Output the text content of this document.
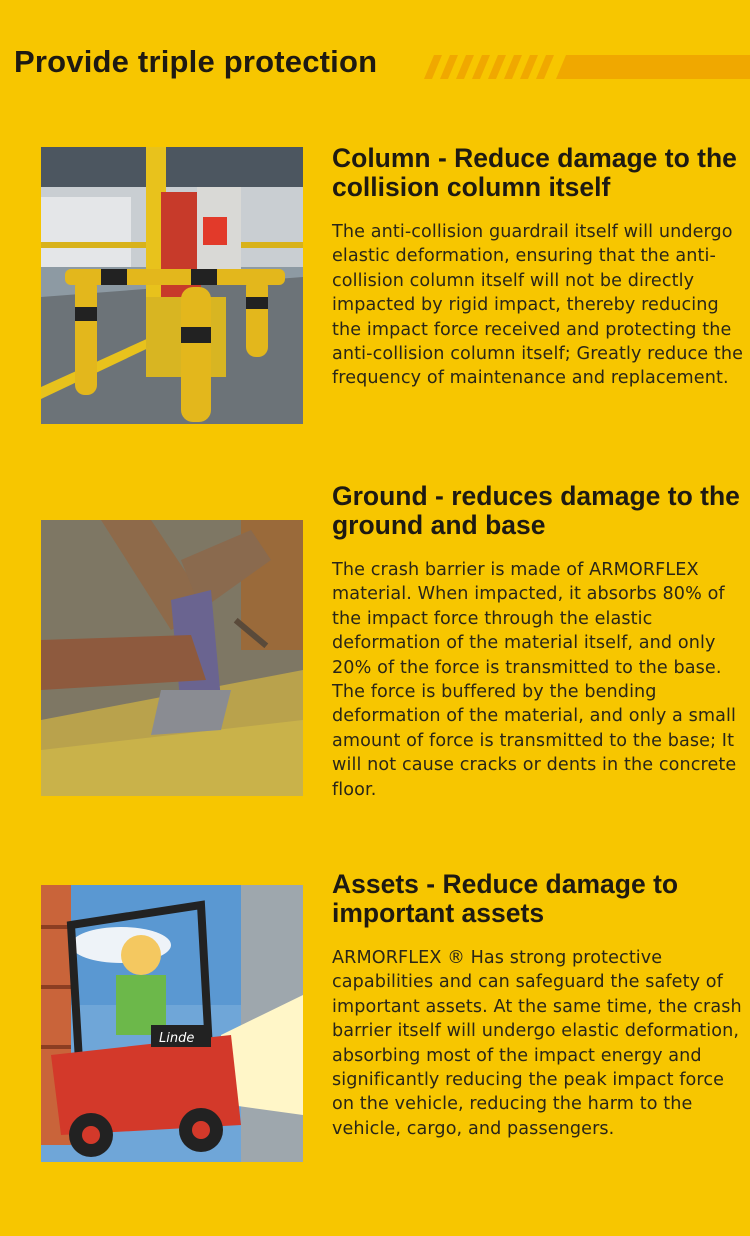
Provide triple protection
Column - Reduce damage to the collision column itself

The anti-collision guardrail itself will undergo elastic deformation, ensuring that the anti-collision column itself will not be directly impacted by rigid impact, thereby reducing the impact force received and protecting the anti-collision column itself; Greatly reduce the frequency of maintenance and replacement.

Ground - reduces damage to the ground and base

The crash barrier is made of ARMORFLEX material. When impacted, it absorbs 80% of the impact force through the elastic deformation of the material itself, and only 20% of the force is transmitted to the base. The force is buffered by the bending deformation of the material, and only a small amount of force is transmitted to the base; It will not cause cracks or dents in the concrete floor.

Linde
Assets - Reduce damage to important assets

ARMORFLEX ® Has strong protective capabilities and can safeguard the safety of important assets. At the same time, the crash barrier itself will undergo elastic deformation, absorbing most of the impact energy and significantly reducing the peak impact force on the vehicle, reducing the harm to the vehicle, cargo, and passengers.
